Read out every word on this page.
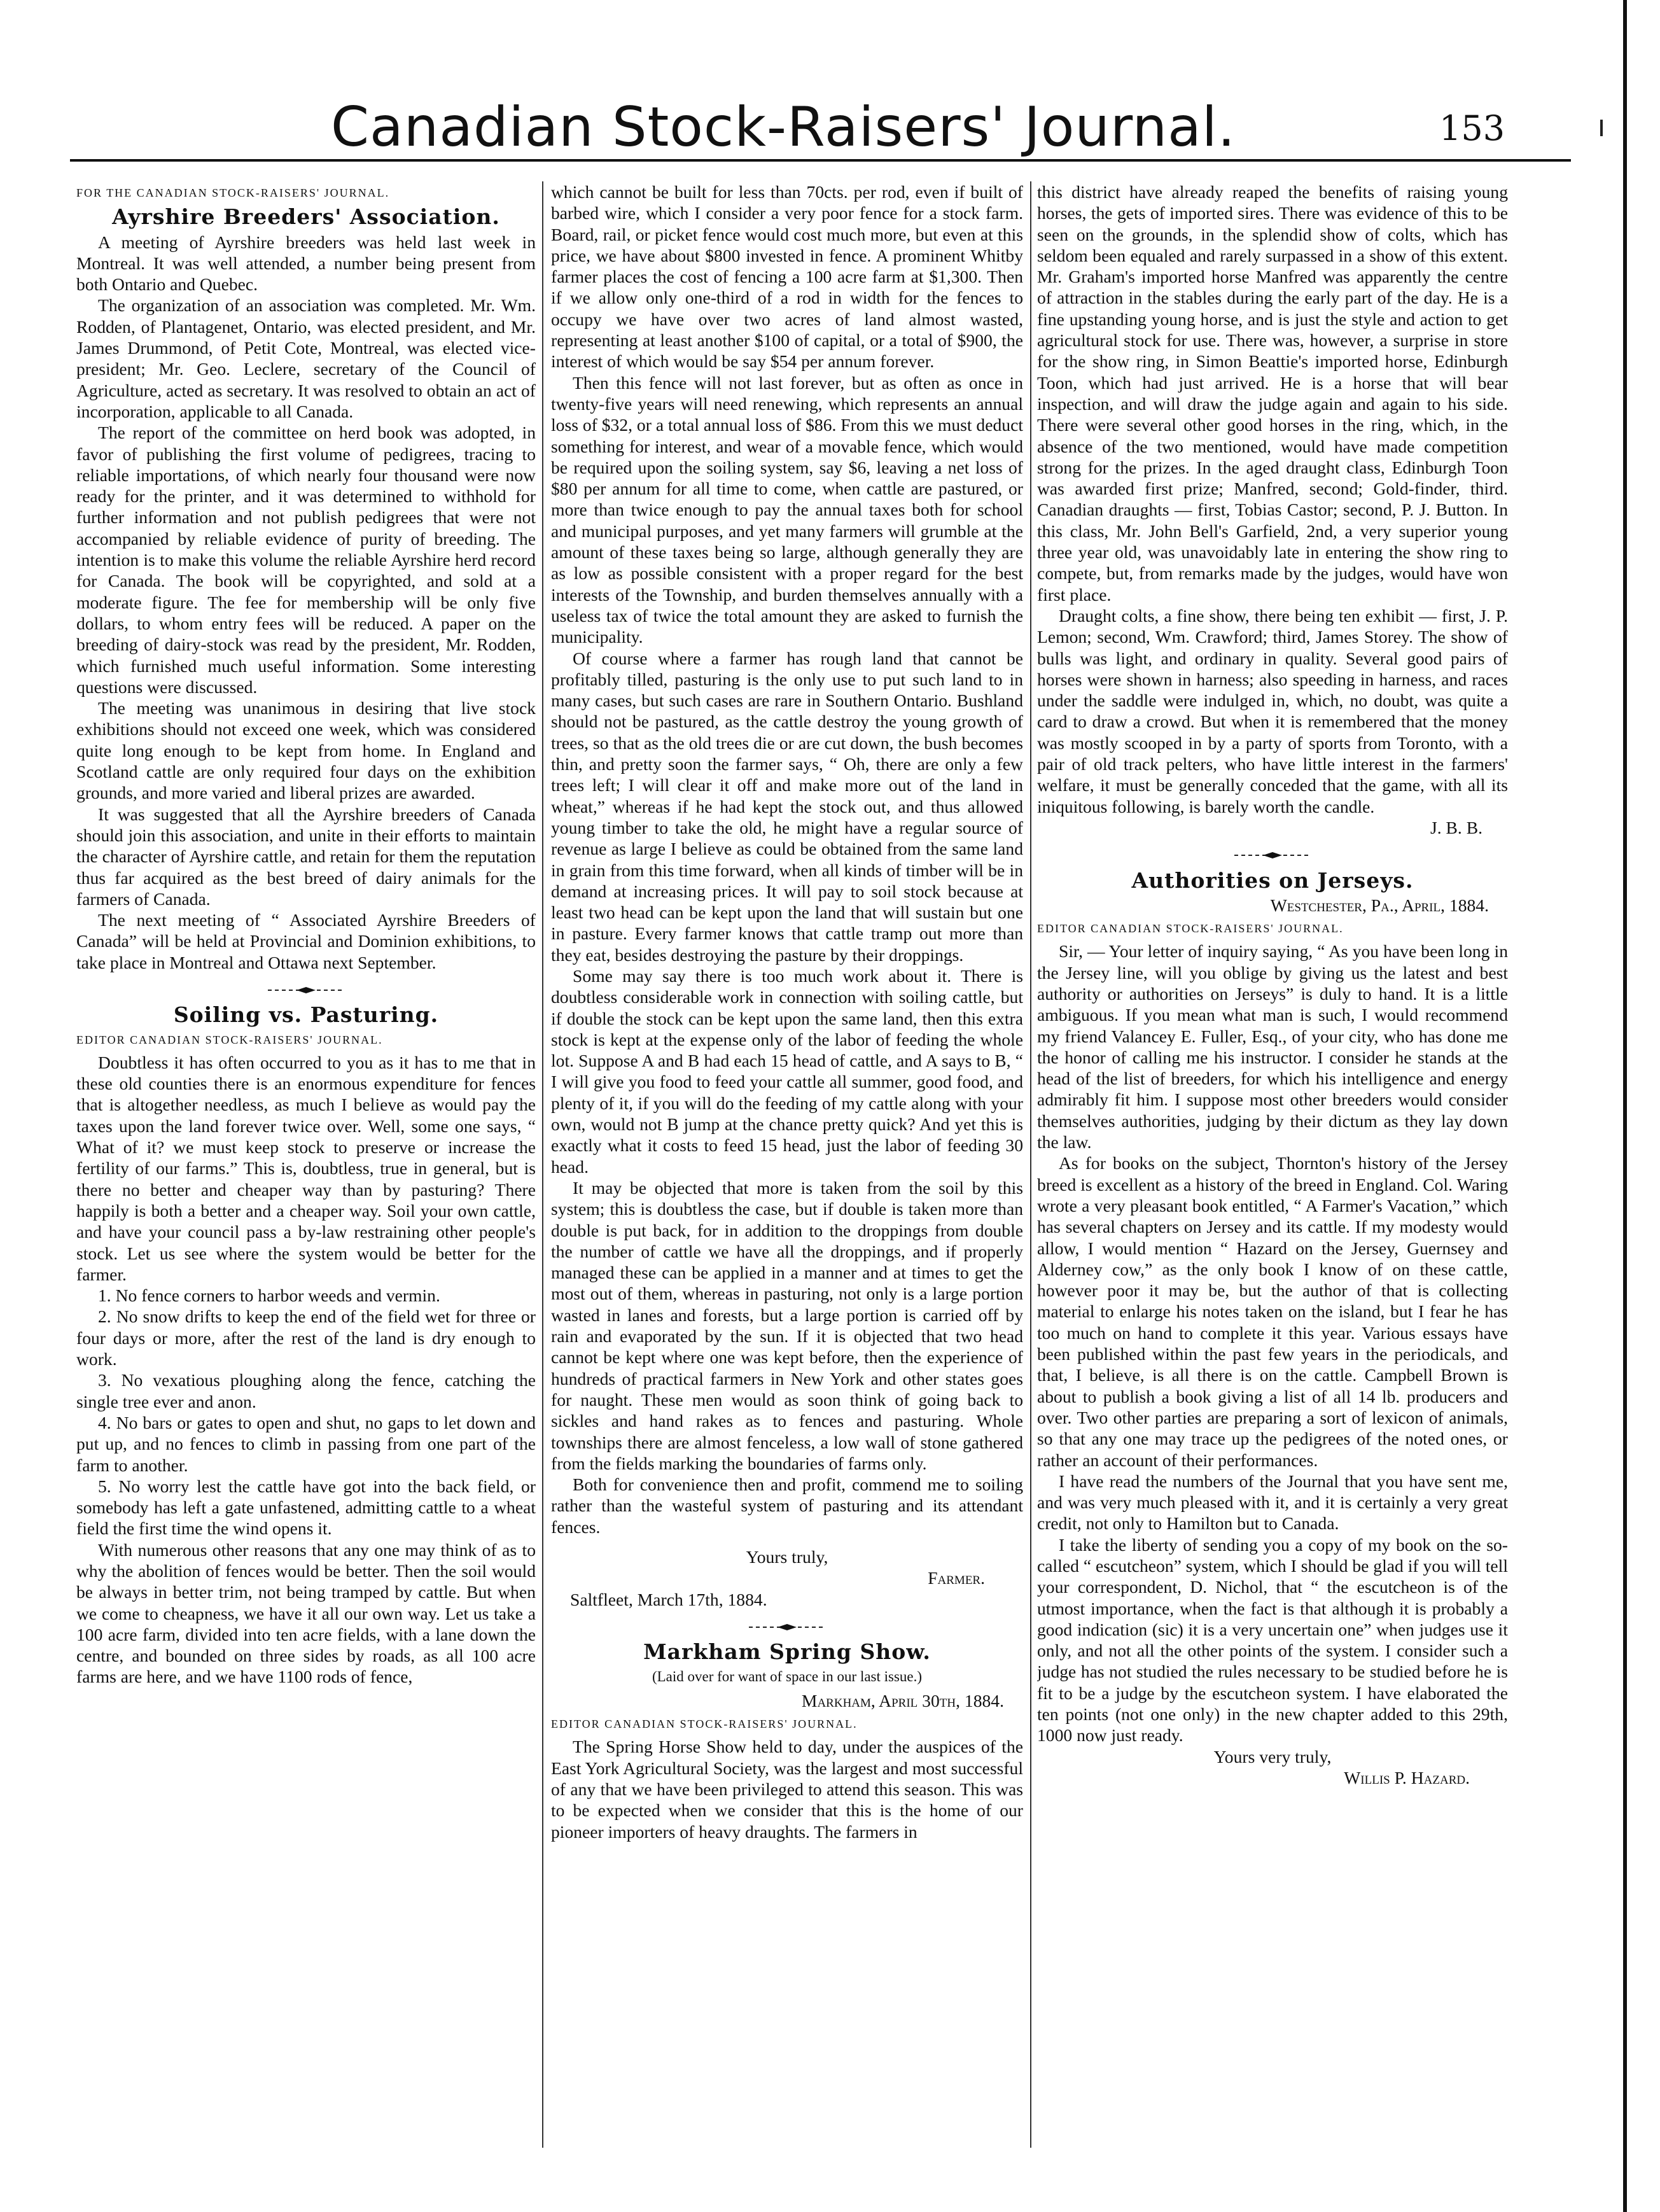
Canadian Stock-Raisers' Journal.	153

FOR THE CANADIAN STOCK-RAISERS' JOURNAL.

Ayrshire Breeders' Association.

A meeting of Ayrshire breeders was held last week in Montreal. It was well attended, a number being present from both Ontario and Quebec.

The organization of an association was completed. Mr. Wm. Rodden, of Plantagenet, Ontario, was elected president, and Mr. James Drummond, of Petit Cote, Montreal, was elected vice-president; Mr. Geo. Leclere, secretary of the Council of Agriculture, acted as secretary. It was resolved to obtain an act of incorporation, applicable to all Canada.

The report of the committee on herd book was adopted, in favor of publishing the first volume of pedigrees, tracing to reliable importations, of which nearly four thousand were now ready for the printer, and it was determined to withhold for further information and not publish pedigrees that were not accompanied by reliable evidence of purity of breeding. The intention is to make this volume the reliable Ayrshire herd record for Canada. The book will be copyrighted, and sold at a moderate figure. The fee for membership will be only five dollars, to whom entry fees will be reduced. A paper on the breeding of dairy-stock was read by the president, Mr. Rodden, which furnished much useful information. Some interesting questions were discussed.

The meeting was unanimous in desiring that live stock exhibitions should not exceed one week, which was considered quite long enough to be kept from home. In England and Scotland cattle are only required four days on the exhibition grounds, and more varied and liberal prizes are awarded.

It was suggested that all the Ayrshire breeders of Canada should join this association, and unite in their efforts to maintain the character of Ayrshire cattle, and retain for them the reputation thus far acquired as the best breed of dairy animals for the farmers of Canada.

The next meeting of “ Associated Ayrshire Breeders of Canada” will be held at Provincial and Dominion exhibitions, to take place in Montreal and Ottawa next September.

Soiling vs. Pasturing.

EDITOR CANADIAN STOCK-RAISERS' JOURNAL.

Doubtless it has often occurred to you as it has to me that in these old counties there is an enormous expenditure for fences that is altogether needless, as much I believe as would pay the taxes upon the land forever twice over. Well, some one says, “ What of it? we must keep stock to preserve or increase the fertility of our farms.” This is, doubtless, true in general, but is there no better and cheaper way than by pasturing? There happily is both a better and a cheaper way. Soil your own cattle, and have your council pass a by-law restraining other people's stock. Let us see where the system would be better for the farmer.

1. No fence corners to harbor weeds and vermin.
2. No snow drifts to keep the end of the field wet for three or four days or more, after the rest of the land is dry enough to work.
3. No vexatious ploughing along the fence, catching the single tree ever and anon.
4. No bars or gates to open and shut, no gaps to let down and put up, and no fences to climb in passing from one part of the farm to another.
5. No worry lest the cattle have got into the back field, or somebody has left a gate unfastened, admitting cattle to a wheat field the first time the wind opens it.

With numerous other reasons that any one may think of as to why the abolition of fences would be better. Then the soil would be always in better trim, not being tramped by cattle. But when we come to cheapness, we have it all our own way. Let us take a 100 acre farm, divided into ten acre fields, with a lane down the centre, and bounded on three sides by roads, as all 100 acre farms are here, and we have 1100 rods of fence,

which cannot be built for less than 70cts. per rod, even if built of barbed wire, which I consider a very poor fence for a stock farm. Board, rail, or picket fence would cost much more, but even at this price, we have about $800 invested in fence. A prominent Whitby farmer places the cost of fencing a 100 acre farm at $1,300. Then if we allow only one-third of a rod in width for the fences to occupy we have over two acres of land almost wasted, representing at least another $100 of capital, or a total of $900, the interest of which would be say $54 per annum forever.

Then this fence will not last forever, but as often as once in twenty-five years will need renewing, which represents an annual loss of $32, or a total annual loss of $86. From this we must deduct something for interest, and wear of a movable fence, which would be required upon the soiling system, say $6, leaving a net loss of $80 per annum for all time to come, when cattle are pastured, or more than twice enough to pay the annual taxes both for school and municipal purposes, and yet many farmers will grumble at the amount of these taxes being so large, although generally they are as low as possible consistent with a proper regard for the best interests of the Township, and burden themselves annually with a useless tax of twice the total amount they are asked to furnish the municipality.

Of course where a farmer has rough land that cannot be profitably tilled, pasturing is the only use to put such land to in many cases, but such cases are rare in Southern Ontario. Bushland should not be pastured, as the cattle destroy the young growth of trees, so that as the old trees die or are cut down, the bush becomes thin, and pretty soon the farmer says, “ Oh, there are only a few trees left; I will clear it off and make more out of the land in wheat,” whereas if he had kept the stock out, and thus allowed young timber to take the old, he might have a regular source of revenue as large I believe as could be obtained from the same land in grain from this time forward, when all kinds of timber will be in demand at increasing prices. It will pay to soil stock because at least two head can be kept upon the land that will sustain but one in pasture. Every farmer knows that cattle tramp out more than they eat, besides destroying the pasture by their droppings.

Some may say there is too much work about it. There is doubtless considerable work in connection with soiling cattle, but if double the stock can be kept upon the same land, then this extra stock is kept at the expense only of the labor of feeding the whole lot. Suppose A and B had each 15 head of cattle, and A says to B, “ I will give you food to feed your cattle all summer, good food, and plenty of it, if you will do the feeding of my cattle along with your own, would not B jump at the chance pretty quick? And yet this is exactly what it costs to feed 15 head, just the labor of feeding 30 head.

It may be objected that more is taken from the soil by this system; this is doubtless the case, but if double is taken more than double is put back, for in addition to the droppings from double the number of cattle we have all the droppings, and if properly managed these can be applied in a manner and at times to get the most out of them, whereas in pasturing, not only is a large portion wasted in lanes and forests, but a large portion is carried off by rain and evaporated by the sun. If it is objected that two head cannot be kept where one was kept before, then the experience of hundreds of practical farmers in New York and other states goes for naught. These men would as soon think of going back to sickles and hand rakes as to fences and pasturing. Whole townships there are almost fenceless, a low wall of stone gathered from the fields marking the boundaries of farms only.

Both for convenience then and profit, commend me to soiling rather than the wasteful system of pasturing and its attendant fences.

Yours truly,

Farmer.

Saltfleet, March 17th, 1884.

Markham Spring Show.

(Laid over for want of space in our last issue.)

Markham, April 30th, 1884.

EDITOR CANADIAN STOCK-RAISERS' JOURNAL.

The Spring Horse Show held to day, under the auspices of the East York Agricultural Society, was the largest and most successful of any that we have been privileged to attend this season. This was to be expected when we consider that this is the home of our pioneer importers of heavy draughts. The farmers in

this district have already reaped the benefits of raising young horses, the gets of imported sires. There was evidence of this to be seen on the grounds, in the splendid show of colts, which has seldom been equaled and rarely surpassed in a show of this extent. Mr. Graham's imported horse Manfred was apparently the centre of attraction in the stables during the early part of the day. He is a fine upstanding young horse, and is just the style and action to get agricultural stock for use. There was, however, a surprise in store for the show ring, in Simon Beattie's imported horse, Edinburgh Toon, which had just arrived. He is a horse that will bear inspection, and will draw the judge again and again to his side. There were several other good horses in the ring, which, in the absence of the two mentioned, would have made competition strong for the prizes. In the aged draught class, Edinburgh Toon was awarded first prize; Manfred, second; Gold-finder, third. Canadian draughts — first, Tobias Castor; second, P. J. Button. In this class, Mr. John Bell's Garfield, 2nd, a very superior young three year old, was unavoidably late in entering the show ring to compete, but, from remarks made by the judges, would have won first place.

Draught colts, a fine show, there being ten exhibit — first, J. P. Lemon; second, Wm. Crawford; third, James Storey. The show of bulls was light, and ordinary in quality. Several good pairs of horses were shown in harness; also speeding in harness, and races under the saddle were indulged in, which, no doubt, was quite a card to draw a crowd. But when it is remembered that the money was mostly scooped in by a party of sports from Toronto, with a pair of old track pelters, who have little interest in the farmers' welfare, it must be generally conceded that the game, with all its iniquitous following, is barely worth the candle.

J. B. B.

Authorities on Jerseys.

Westchester, Pa., April, 1884.

EDITOR CANADIAN STOCK-RAISERS' JOURNAL.

Sir, — Your letter of inquiry saying, “ As you have been long in the Jersey line, will you oblige by giving us the latest and best authority or authorities on Jerseys” is duly to hand. It is a little ambiguous. If you mean what man is such, I would recommend my friend Valancey E. Fuller, Esq., of your city, who has done me the honor of calling me his instructor. I consider he stands at the head of the list of breeders, for which his intelligence and energy admirably fit him. I suppose most other breeders would consider themselves authorities, judging by their dictum as they lay down the law.

As for books on the subject, Thornton's history of the Jersey breed is excellent as a history of the breed in England. Col. Waring wrote a very pleasant book entitled, “ A Farmer's Vacation,” which has several chapters on Jersey and its cattle. If my modesty would allow, I would mention “ Hazard on the Jersey, Guernsey and Alderney cow,” as the only book I know of on these cattle, however poor it may be, but the author of that is collecting material to enlarge his notes taken on the island, but I fear he has too much on hand to complete it this year. Various essays have been published within the past few years in the periodicals, and that, I believe, is all there is on the cattle. Campbell Brown is about to publish a book giving a list of all 14 lb. producers and over. Two other parties are preparing a sort of lexicon of animals, so that any one may trace up the pedigrees of the noted ones, or rather an account of their performances.

I have read the numbers of the Journal that you have sent me, and was very much pleased with it, and it is certainly a very great credit, not only to Hamilton but to Canada.

I take the liberty of sending you a copy of my book on the so-called “ escutcheon” system, which I should be glad if you will tell your correspondent, D. Nichol, that “ the escutcheon is of the utmost importance, when the fact is that although it is probably a good indication (sic) it is a very uncertain one” when judges use it only, and not all the other points of the system. I consider such a judge has not studied the rules necessary to be studied before he is fit to be a judge by the escutcheon system. I have elaborated the ten points (not one only) in the new chapter added to this 29th, 1000 now just ready.

Yours very truly,

Willis P. Hazard.
